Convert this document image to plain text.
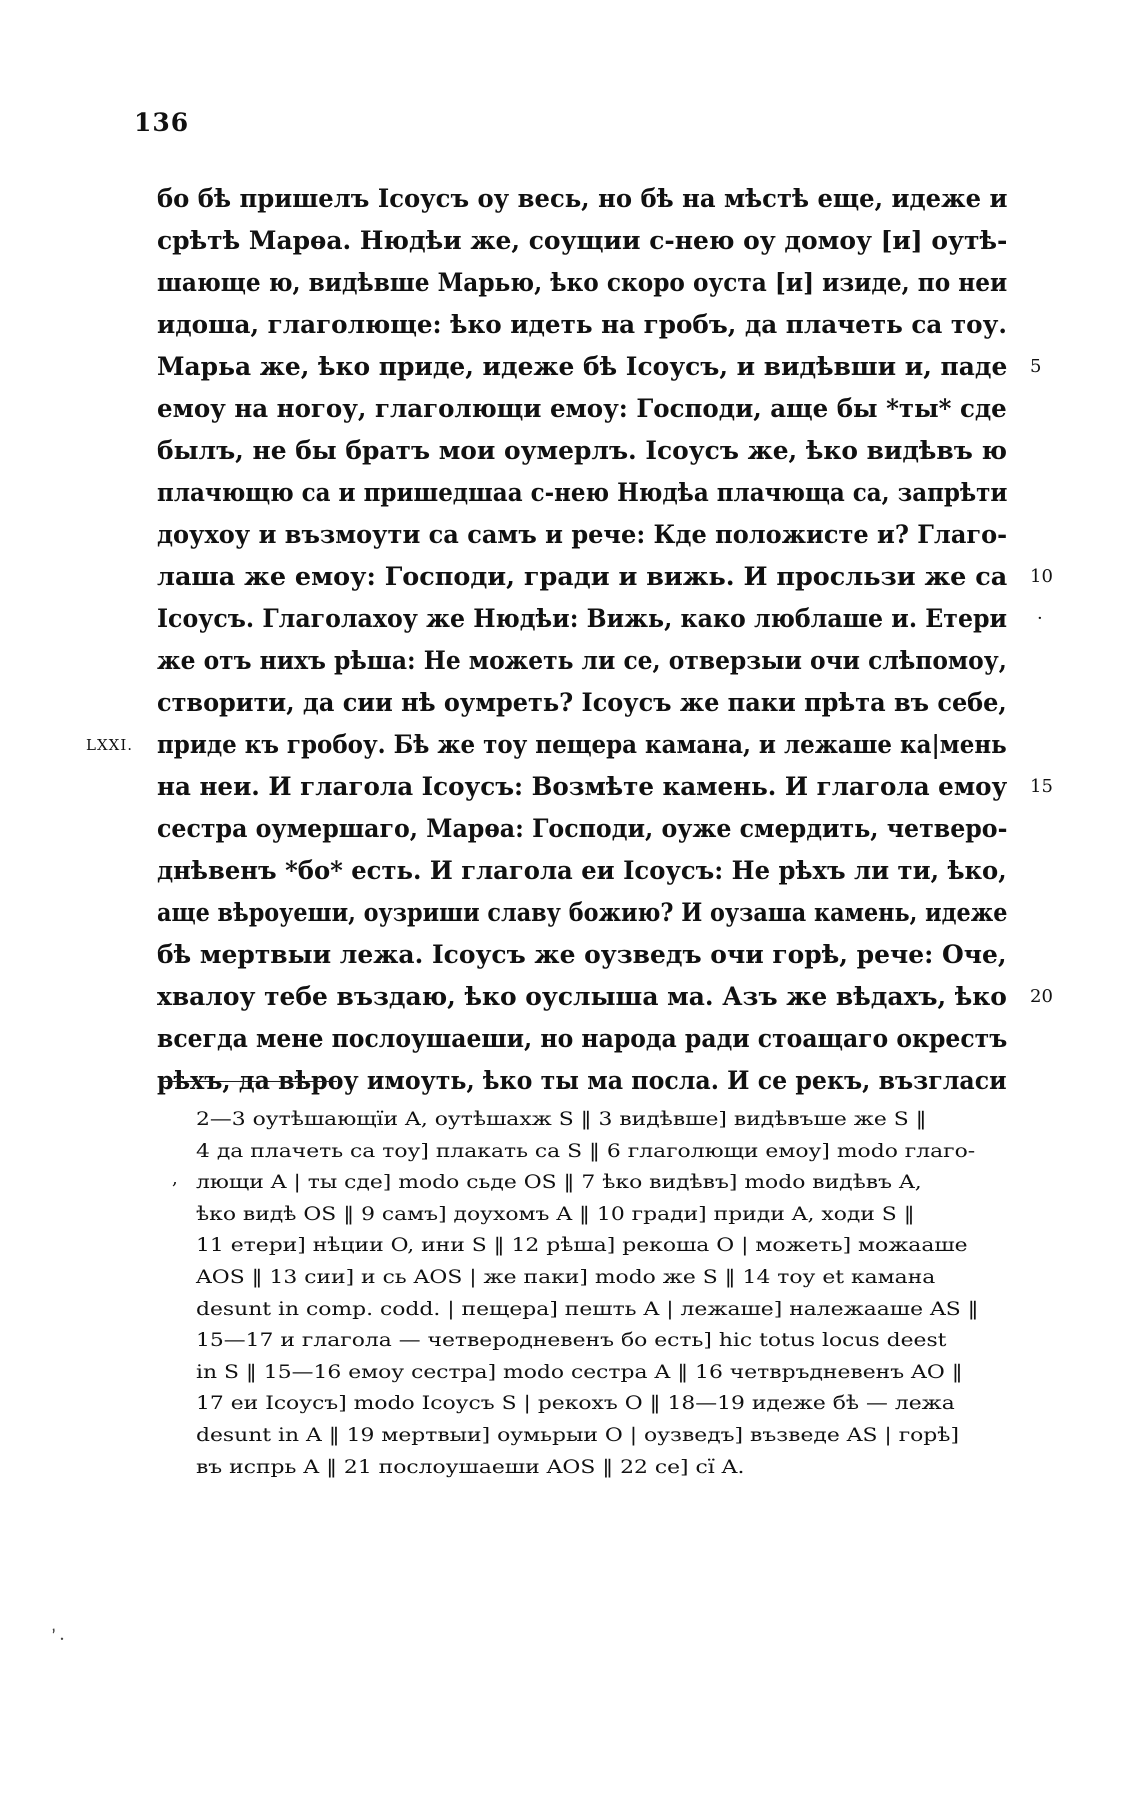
136
бо бѣ пришелъ Ісоусъ оу весь, но бѣ на мѣстѣ еще, идеже и
срѣтѣ Марѳа. Нюдѣи же, соущии с-нею оу домоу [и] оутѣ-
шающе ю, видѣвше Марью, ѣко скоро оуста [и] изиде, по неи
идоша, глаголюще: ѣко идеть на гробъ, да плачеть са тоу.
Марьа же, ѣко приде, идеже бѣ Ісоусъ, и видѣвши и, паде 5
емоу на ногоу, глаголющи емоу: Господи, аще бы *ты* сде
былъ, не бы братъ мои оумерлъ. Ісоусъ же, ѣко видѣвъ ю
плачющю са и пришедшаа с-нею Нюдѣа плачюща са, запрѣти
доухоу и възмоути са самъ и рече: Кде положисте и? Глаго-
лаша же емоу: Господи, гради и вижь. И просльзи же са 10
Ісоусъ. Глаголахоу же Нюдѣи: Вижь, како люблаше и. Етери ·
же отъ нихъ рѣша: Не можеть ли се, отверзыи очи слѣпомоу,
створити, да сии нѣ оумреть? Ісоусъ же паки прѣта въ себе,
приде къ гробоу. Бѣ же тоу пещера камана, и лежаше ка|мень
LXXI.
на неи. И глагола Ісоусъ: Возмѣте камень. И глагола емоу 15
сестра оумершаго, Марѳа: Господи, оуже смердить, четверо-
днѣвенъ *бо* есть. И глагола еи Ісоусъ: Не рѣхъ ли ти, ѣко,
аще вѣроуеши, оузриши славу божию? И оузаша камень, идеже
бѣ мертвыи лежа. Ісоусъ же оузведъ очи горѣ, рече: Оче,
хвалоу тебе въздаю, ѣко оуслыша ма. Азъ же вѣдахъ, ѣко 20
всегда мене послоушаеши, но народа ради стоащаго окрестъ
рѣхъ, да вѣроу имоуть, ѣко ты ма посла. И се рекъ, възгласи
2—3 оутѣшающїи A, оутѣшахж S ‖ 3 видѣвше] видѣвъше же S ‖
4 да плачеть са тоу] плакать са S ‖ 6 глаголющи емоу] modo глаго-
, лющи A | ты сде] modo сьде OS ‖ 7 ѣко видѣвъ] modo видѣвъ A,
ѣко видѣ OS ‖ 9 самъ] доухомъ A ‖ 10 гради] приди A, ходи S ‖
11 етери] нѣции O, ини S ‖ 12 рѣша] рекоша O | можеть] можааше
AOS ‖ 13 сии] и сь AOS | же паки] modo же S ‖ 14 тоу et камана
desunt in comp. codd. | пещера] пешть A | лежаше] належааше AS ‖
15—17 и глагола — четверодневенъ бо есть] hic totus locus deest
in S ‖ 15—16 емоу сестра] modo сестра A ‖ 16 четвръдневенъ AO ‖
17 еи Ісоусъ] modo Ісоусъ S | рекохъ O ‖ 18—19 идеже бѣ — лежа
desunt in A ‖ 19 мертвыи] оумьрыи O | оузведъ] възведе AS | горѣ]
въ испрь A ‖ 21 послоушаеши AOS ‖ 22 се] сї A.
ʼ.
